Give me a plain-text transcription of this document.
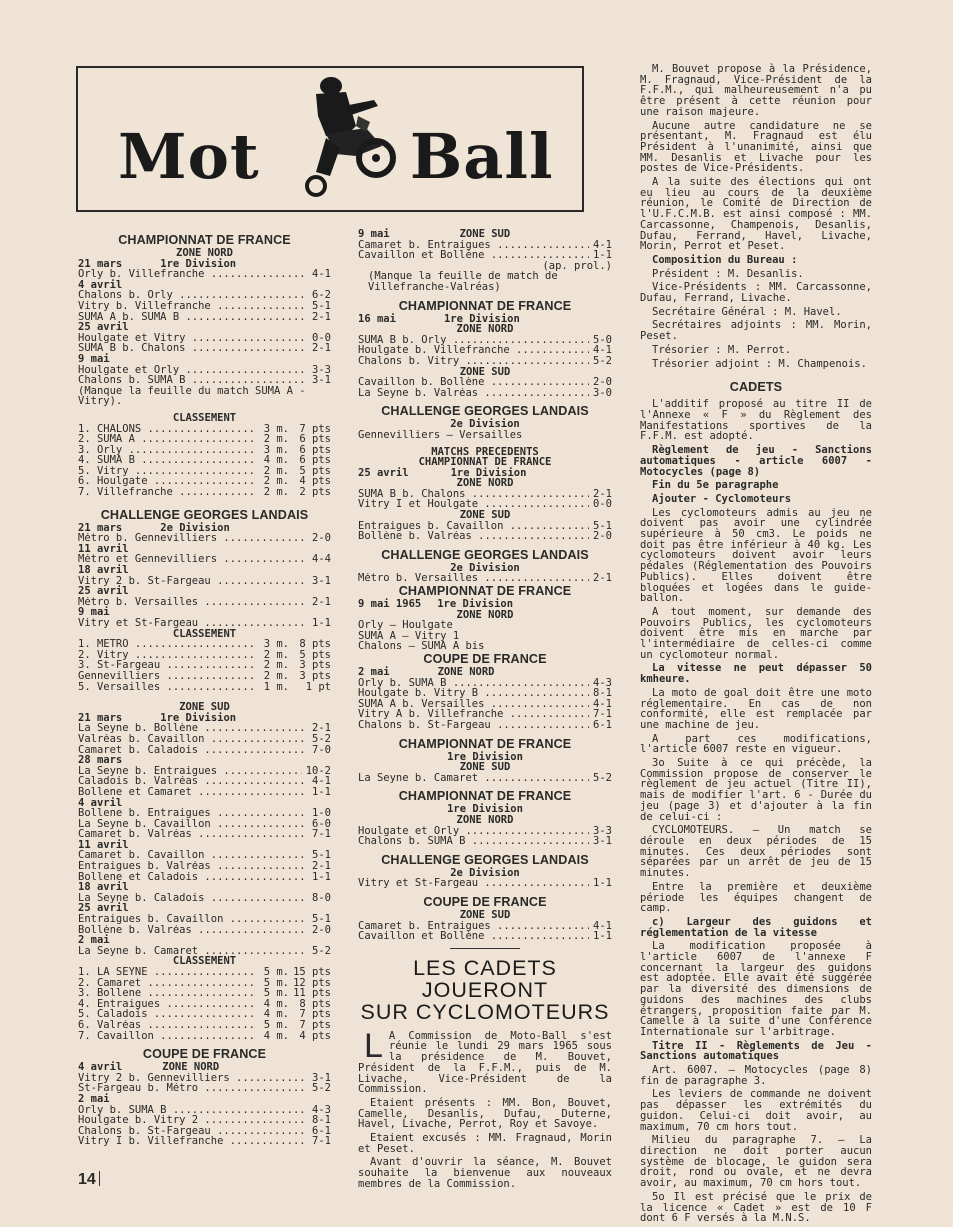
Mot Ball
CHAMPIONNAT DE FRANCE
ZONE NORD
21 mars	1re Division
Orly b. Villefranche .....	4-1
4 avril
Chalons b. Orly .....	6-2
Vitry b. Villefranche .....	5-1
SUMA A b. SUMA B .....	2-1
25 avril
Houlgate et Vitry .....	0-0
SUMA B b. Chalons .....	2-1
9 mai
Houlgate et Orly .....	3-3
Chalons b. SUMA B .....	3-1
(Manque la feuille du match SUMA A - Vitry).
CLASSEMENT
1. CHALONS .....	3 m. 7 pts
2. SUMA A .....	2 m. 6 pts
3. Orly .....	3 m. 6 pts
4. SUMA B .....	4 m. 6 pts
5. Vitry .....	2 m. 5 pts
6. Houlgate .....	2 m. 4 pts
7. Villefranche .....	2 m. 2 pts
CHALLENGE GEORGES LANDAIS
21 mars	2e Division
Métro b. Gennevilliers .....	2-0
11 avril
Métro et Gennevilliers .....	4-4
18 avril
Vitry 2 b. St-Fargeau .....	3-1
25 avril
Métro b. Versailles .....	2-1
9 mai
Vitry et St-Fargeau .....	1-1
CLASSEMENT
1. METRO .....	3 m. 8 pts
2. Vitry .....	2 m. 5 pts
3. St-Fargeau .....	2 m. 3 pts
Gennevilliers .....	2 m. 3 pts
5. Versailles .....	1 m.	1 pt
ZONE SUD
21 mars	1re Division
La Seyne b. Bollène .....	2-1
Valréas b. Cavaillon .....	5-2
Camaret b. Caladois .....	7-0
28 mars
La Seyne b. Entraigues .....	10-2
Caladois b. Valréas .....	4-1
Bollene et Camaret .....	1-1
4 avril
Bollene b. Entraigues .....	1-0
La Seyne b. Cavaillon .....	6-0
Camaret b. Valréas .....	7-1
11 avril
Camaret b. Cavaillon .....	5-1
Entraigues b. Valréas .....	2-1
Bollene et Caladois .....	1-1
18 avril
La Seyne b. Caladois .....	8-0
25 avril
Entraigues b. Cavaillon .....	5-1
Bollène b. Valréas .....	2-0
2 mai
La Seyne b. Camaret .....	5-2
CLASSEMENT
1. LA SEYNE .....	5 m. 15 pts
2. Camaret .....	5 m. 12 pts
3. Bollene .....	5 m. 11 pts
4. Entraigues .....	4 m. 8 pts
5. Caladois .....	4 m. 7 pts
6. Valréas .....	5 m. 7 pts
7. Cavaillon .....	4 m. 4 pts
COUPE DE FRANCE
4 avril	ZONE NORD
Vitry 2 b. Gennevilliers .....	3-1
St-Fargeau b. Métro .....	5-2
2 mai
Orly b. SUMA B .....	4-3
Houlgate b. Vitry 2 .....	8-1
Chalons b. St-Fargeau .....	6-1
Vitry I b. Villefranche .....	7-1
9 mai	ZONE SUD
Camaret b. Entraigues .....	4-1
Cavaillon et Bollène .....	1-1
(ap. prol.)
(Manque la feuille de match de Villefranche-Valréas)
CHAMPIONNAT DE FRANCE
16 mai	1re Division
ZONE NORD
SUMA B b. Orly .....	5-0
Houlgate b. Villefranche .....	4-1
Chalons b. Vitry .....	5-2
ZONE SUD
Cavaillon b. Bollène .....	2-0
La Seyne b. Valréas .....	3-0
CHALLENGE GEORGES LANDAIS
2e Division
Gennevilliers — Versailles
MATCHS PRECEDENTS
CHAMPIONNAT DE FRANCE
25 avril	1re Division
ZONE NORD
SUMA B b. Chalons .....	2-1
Vitry I et Houlgate .....	0-0
ZONE SUD
Entraigues b. Cavaillon .....	5-1
Bollène b. Valréas .....	2-0
CHALLENGE GEORGES LANDAIS
2e Division
Métro b. Versailles .....	2-1
CHAMPIONNAT DE FRANCE
9 mai 1965 1re Division
ZONE NORD
Orly — Houlgate
SUMA A — Vitry 1
Chalons — SUMA A bis
COUPE DE FRANCE
2 mai	ZONE NORD
Orly b. SUMA B .....	4-3
Houlgate b. Vitry B .....	8-1
SUMA A b. Versailles .....	4-1
Vitry A b. Villefranche .....	7-1
Chalons b. St-Fargeau .....	6-1
CHAMPIONNAT DE FRANCE
1re Division
ZONE SUD
La Seyne b. Camaret .....	5-2
CHAMPIONNAT DE FRANCE
1re Division
ZONE NORD
Houlgate et Orly .....	3-3
Chalons b. SUMA B .....	3-1
CHALLENGE GEORGES LANDAIS
2e Division
Vitry et St-Fargeau .....	1-1
COUPE DE FRANCE
ZONE SUD
Camaret b. Entraigues .....	4-1
Cavaillon et Bollène .....	1-1
LES CADETS JOUERONT
SUR CYCLOMOTEURS

L A Commission de Moto-Ball s'est réunie le lundi 29 mars 1965 sous la présidence de M. Bouvet, Président de la F.F.M., puis de M. Livache, Vice-Président de la Commission.

Etaient présents : MM. Bon, Bouvet, Camelle, Desanlis, Dufau, Duterne, Havel, Livache, Perrot, Roy et Savoye.

Etaient excusés : MM. Fragnaud, Morin et Peset.

Avant d'ouvrir la séance, M. Bouvet souhaite la bienvenue aux nouveaux membres de la Commission.

M. Bouvet propose à la Présidence, M. Fragnaud, Vice-Président de la F.F.M., qui malheureusement n'a pu être présent à cette réunion pour une raison majeure.

Aucune autre candidature ne se présentant, M. Fragnaud est élu Président à l'unanimité, ainsi que MM. Desanlis et Livache pour les postes de Vice-Présidents.

A la suite des élections qui ont eu lieu au cours de la deuxième réunion, le Comité de Direction de l'U.F.C.M.B. est ainsi composé : MM. Carcassonne, Champenois, Desanlis, Dufau, Ferrand, Havel, Livache, Morin, Perrot et Peset.

Composition du Bureau :

Président : M. Desanlis.

Vice-Présidents : MM. Carcassonne, Dufau, Ferrand, Livache.

Secrétaire Général : M. Havel.

Secrétaires adjoints : MM. Morin, Peset.

Trésorier : M. Perrot.

Trésorier adjoint : M. Champenois.

CADETS

L'additif proposé au titre II de l'Annexe « F » du Règlement des Manifestations sportives de la F.F.M. est adopté.

Règlement de jeu - Sanctions automatiques - article 6007 - Motocycles (page 8)

Fin du 5e paragraphe

Ajouter - Cyclomoteurs

Les cyclomoteurs admis au jeu ne doivent pas avoir une cylindrée supérieure à 50 cm3. Le poids ne doit pas être inférieur à 40 kg. Les cyclomoteurs doivent avoir leurs pédales (Réglementation des Pouvoirs Publics). Elles doivent être bloquées et logées dans le guide-ballon.

A tout moment, sur demande des Pouvoirs Publics, les cyclomoteurs doivent être mis en marche par l'intermédiaire de celles-ci comme un cyclomoteur normal.

La vitesse ne peut dépasser 50 kmheure.

La moto de goal doit être une moto réglementaire. En cas de non conformité, elle est remplacée par une machine de jeu.

A part ces modifications, l'article 6007 reste en vigueur.

3o Suite à ce qui précède, la Commission propose de conserver le règlement de jeu actuel (Titre II), mais de modifier l'art. 6 - Durée du jeu (page 3) et d'ajouter à la fin de celui-ci :

CYCLOMOTEURS. — Un match se déroule en deux périodes de 15 minutes. Ces deux périodes sont séparées par un arrêt de jeu de 15 minutes.

Entre la première et deuxième période les équipes changent de camp.

c) Largeur des guidons et réglementation de la vitesse

La modification proposée à l'article 6007 de l'annexe F concernant la largeur des guidons est adoptée. Elle avait été suggérée par la diversité des dimensions de guidons des machines des clubs étrangers, proposition faite par M. Camelle à la suite d'une Conférence Internationale sur l'arbitrage.

Titre II - Règlements de Jeu - Sanctions automatiques

Art. 6007. — Motocycles (page 8) fin de paragraphe 3.

Les leviers de commande ne doivent pas dépasser les extrémités du guidon. Celui-ci doit avoir, au maximum, 70 cm hors tout.

Milieu du paragraphe 7. — La direction ne doit porter aucun système de blocage, le guidon sera droit, rond ou ovale, et ne devra avoir, au maximum, 70 cm hors tout.

5o Il est précisé que le prix de la licence « Cadet » est de 10 F dont 6 F versés à la M.N.S.

14
